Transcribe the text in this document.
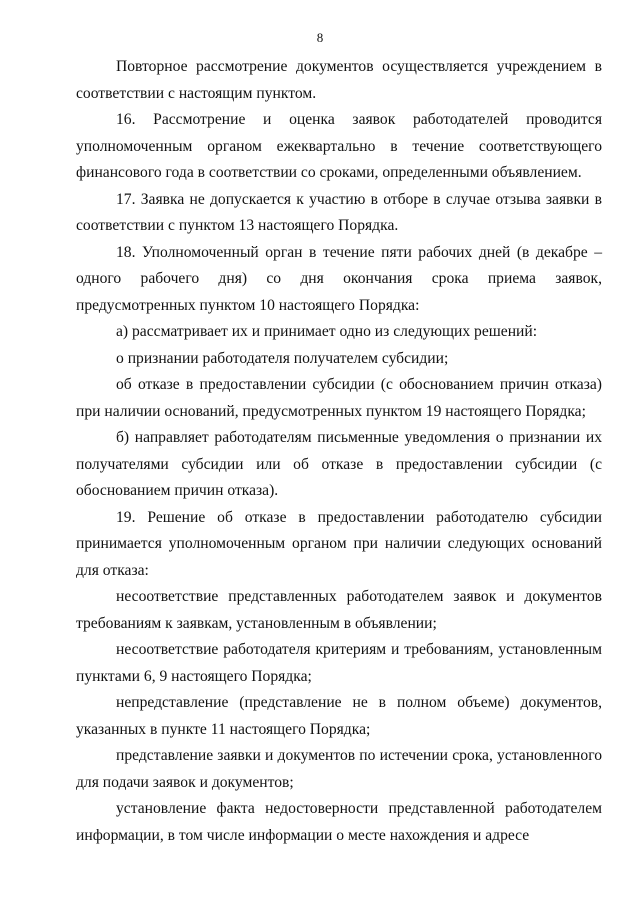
8

Повторное рассмотрение документов осуществляется учреждением в соответствии с настоящим пунктом.

16. Рассмотрение и оценка заявок работодателей проводится уполномоченным органом ежеквартально в течение соответствующего финансового года в соответствии со сроками, определенными объявлением.

17. Заявка не допускается к участию в отборе в случае отзыва заявки в соответствии с пунктом 13 настоящего Порядка.

18. Уполномоченный орган в течение пяти рабочих дней (в декабре – одного рабочего дня) со дня окончания срока приема заявок, предусмотренных пунктом 10 настоящего Порядка:

а) рассматривает их и принимает одно из следующих решений:

о признании работодателя получателем субсидии;

об отказе в предоставлении субсидии (с обоснованием причин отказа) при наличии оснований, предусмотренных пунктом 19 настоящего Порядка;

б) направляет работодателям письменные уведомления о признании их получателями субсидии или об отказе в предоставлении субсидии (с обоснованием причин отказа).

19. Решение об отказе в предоставлении работодателю субсидии принимается уполномоченным органом при наличии следующих оснований для отказа:

несоответствие представленных работодателем заявок и документов требованиям к заявкам, установленным в объявлении;

несоответствие работодателя критериям и требованиям, установленным пунктами 6, 9 настоящего Порядка;

непредставление (представление не в полном объеме) документов, указанных в пункте 11 настоящего Порядка;

представление заявки и документов по истечении срока, установленного для подачи заявок и документов;

установление факта недостоверности представленной работодателем информации, в том числе информации о месте нахождения и адресе
